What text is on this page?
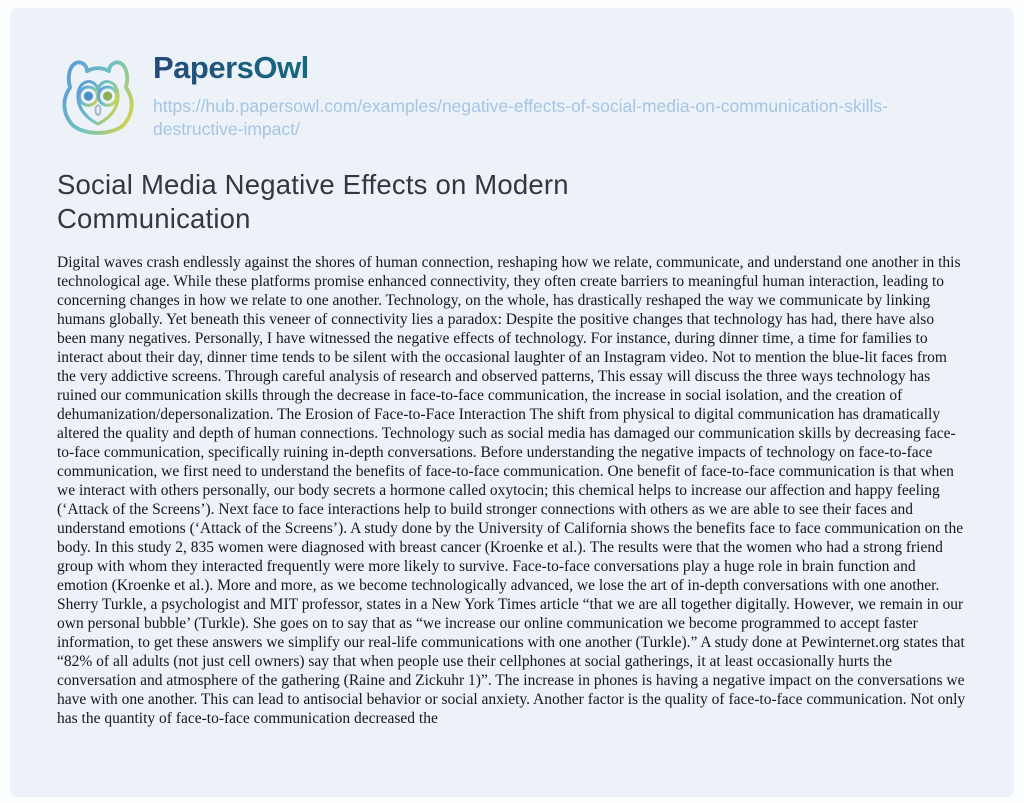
PapersOwl
https://hub.papersowl.com/examples/negative-effects-of-social-media-on-communication-skills-destructive-impact/
Social Media Negative Effects on Modern Communication

Digital waves crash endlessly against the shores of human connection, reshaping how we relate, communicate, and understand one another in this technological age. While these platforms promise enhanced connectivity, they often create barriers to meaningful human interaction, leading to concerning changes in how we relate to one another. Technology, on the whole, has drastically reshaped the way we communicate by linking humans globally. Yet beneath this veneer of connectivity lies a paradox: Despite the positive changes that technology has had, there have also been many negatives. Personally, I have witnessed the negative effects of technology. For instance, during dinner time, a time for families to interact about their day, dinner time tends to be silent with the occasional laughter of an Instagram video. Not to mention the blue-lit faces from the very addictive screens. Through careful analysis of research and observed patterns, This essay will discuss the three ways technology has ruined our communication skills through the decrease in face-to-face communication, the increase in social isolation, and the creation of dehumanization/depersonalization. The Erosion of Face-to-Face Interaction The shift from physical to digital communication has dramatically altered the quality and depth of human connections. Technology such as social media has damaged our communication skills by decreasing face-to-face communication, specifically ruining in-depth conversations. Before understanding the negative impacts of technology on face-to-face communication, we first need to understand the benefits of face-to-face communication. One benefit of face-to-face communication is that when we interact with others personally, our body secrets a hormone called oxytocin; this chemical helps to increase our affection and happy feeling (‘Attack of the Screens’). Next face to face interactions help to build stronger connections with others as we are able to see their faces and understand emotions (‘Attack of the Screens’). A study done by the University of California shows the benefits face to face communication on the body. In this study 2, 835 women were diagnosed with breast cancer (Kroenke et al.). The results were that the women who had a strong friend group with whom they interacted frequently were more likely to survive. Face-to-face conversations play a huge role in brain function and emotion (Kroenke et al.). More and more, as we become technologically advanced, we lose the art of in-depth conversations with one another. Sherry Turkle, a psychologist and MIT professor, states in a New York Times article “that we are all together digitally. However, we remain in our own personal bubble’ (Turkle). She goes on to say that as “we increase our online communication we become programmed to accept faster information, to get these answers we simplify our real-life communications with one another (Turkle).” A study done at Pewinternet.org states that “82% of all adults (not just cell owners) say that when people use their cellphones at social gatherings, it at least occasionally hurts the conversation and atmosphere of the gathering (Raine and Zickuhr 1)”. The increase in phones is having a negative impact on the conversations we have with one another. This can lead to antisocial behavior or social anxiety. Another factor is the quality of face-to-face communication. Not only has the quantity of face-to-face communication decreased the
